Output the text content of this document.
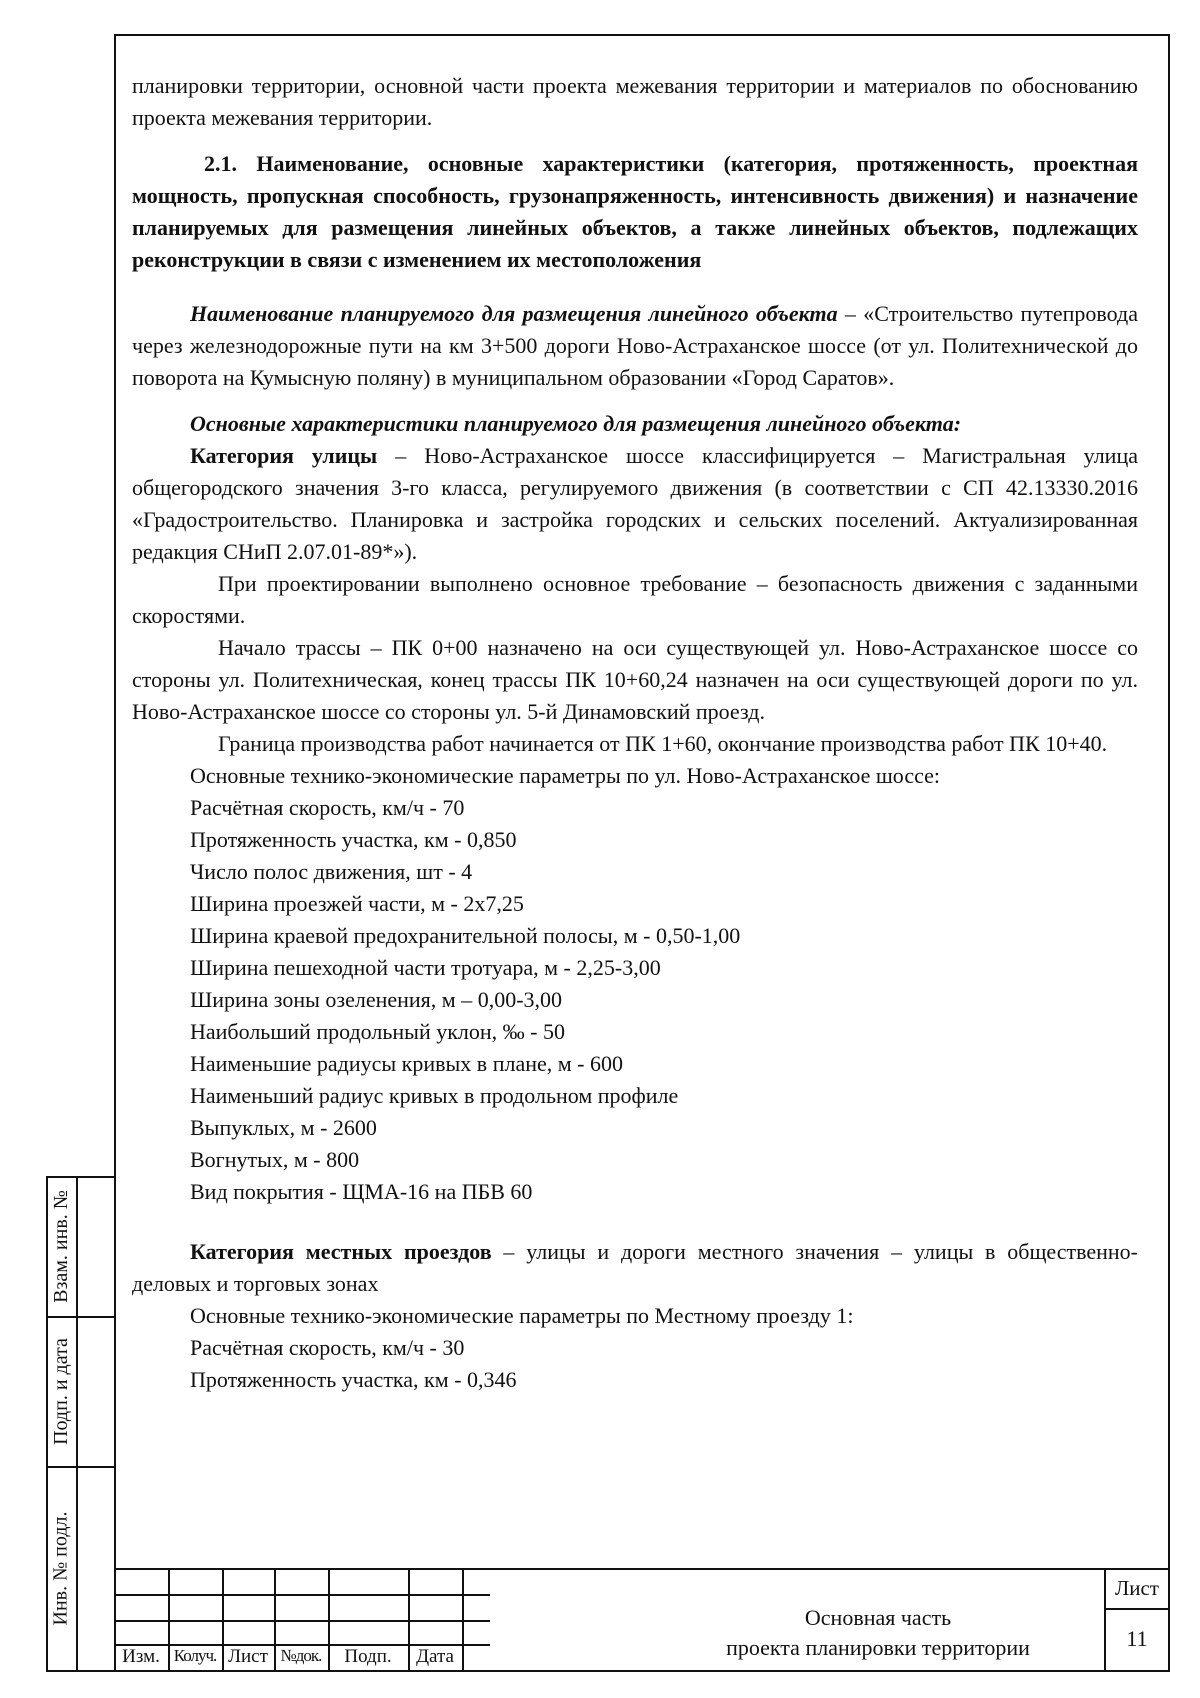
планировки территории, основной части проекта межевания территории и материалов по обоснованию проекта межевания территории.

2.1. Наименование, основные характеристики (категория, протяженность, проектная мощность, пропускная способность, грузонапряженность, интенсивность движения) и назначение планируемых для размещения линейных объектов, а также линейных объектов, подлежащих реконструкции в связи с изменением их местоположения

Наименование планируемого для размещения линейного объекта – «Строительство путепровода через железнодорожные пути на км 3+500 дороги Ново-Астраханское шоссе (от ул. Политехнической до поворота на Кумысную поляну) в муниципальном образовании «Город Саратов».

Основные характеристики планируемого для размещения линейного объекта:

Категория улицы – Ново-Астраханское шоссе классифицируется – Магистральная улица общегородского значения 3-го класса, регулируемого движения (в соответствии с СП 42.13330.2016 «Градостроительство. Планировка и застройка городских и сельских поселений. Актуализированная редакция СНиП 2.07.01-89*»).

При проектировании выполнено основное требование – безопасность движения с заданными скоростями.

Начало трассы – ПК 0+00 назначено на оси существующей ул. Ново-Астраханское шоссе со стороны ул. Политехническая, конец трассы ПК 10+60,24 назначен на оси существующей дороги по ул. Ново-Астраханское шоссе со стороны ул. 5-й Динамовский проезд.

Граница производства работ начинается от ПК 1+60, окончание производства работ ПК 10+40.

Основные технико-экономические параметры по ул. Ново-Астраханское шоссе:

Расчётная скорость, км/ч - 70

Протяженность участка, км - 0,850

Число полос движения, шт - 4

Ширина проезжей части, м - 2х7,25

Ширина краевой предохранительной полосы, м - 0,50-1,00

Ширина пешеходной части тротуара, м - 2,25-3,00

Ширина зоны озеленения, м – 0,00-3,00

Наибольший продольный уклон, ‰ - 50

Наименьшие радиусы кривых в плане, м - 600

Наименьший радиус кривых в продольном профиле

Выпуклых, м - 2600

Вогнутых, м - 800

Вид покрытия - ЩМА-16 на ПБВ 60

Категория местных проездов – улицы и дороги местного значения – улицы в общественно-деловых и торговых зонах

Основные технико-экономические параметры по Местному проезду 1:

Расчётная скорость, км/ч - 30

Протяженность участка, км - 0,346

Взам. инв. №
Подп. и дата
Инв. № подл.
Изм. Колуч. Лист №док.	Подп.	Дата
Основная часть
проекта планировки территории
Лист
11
